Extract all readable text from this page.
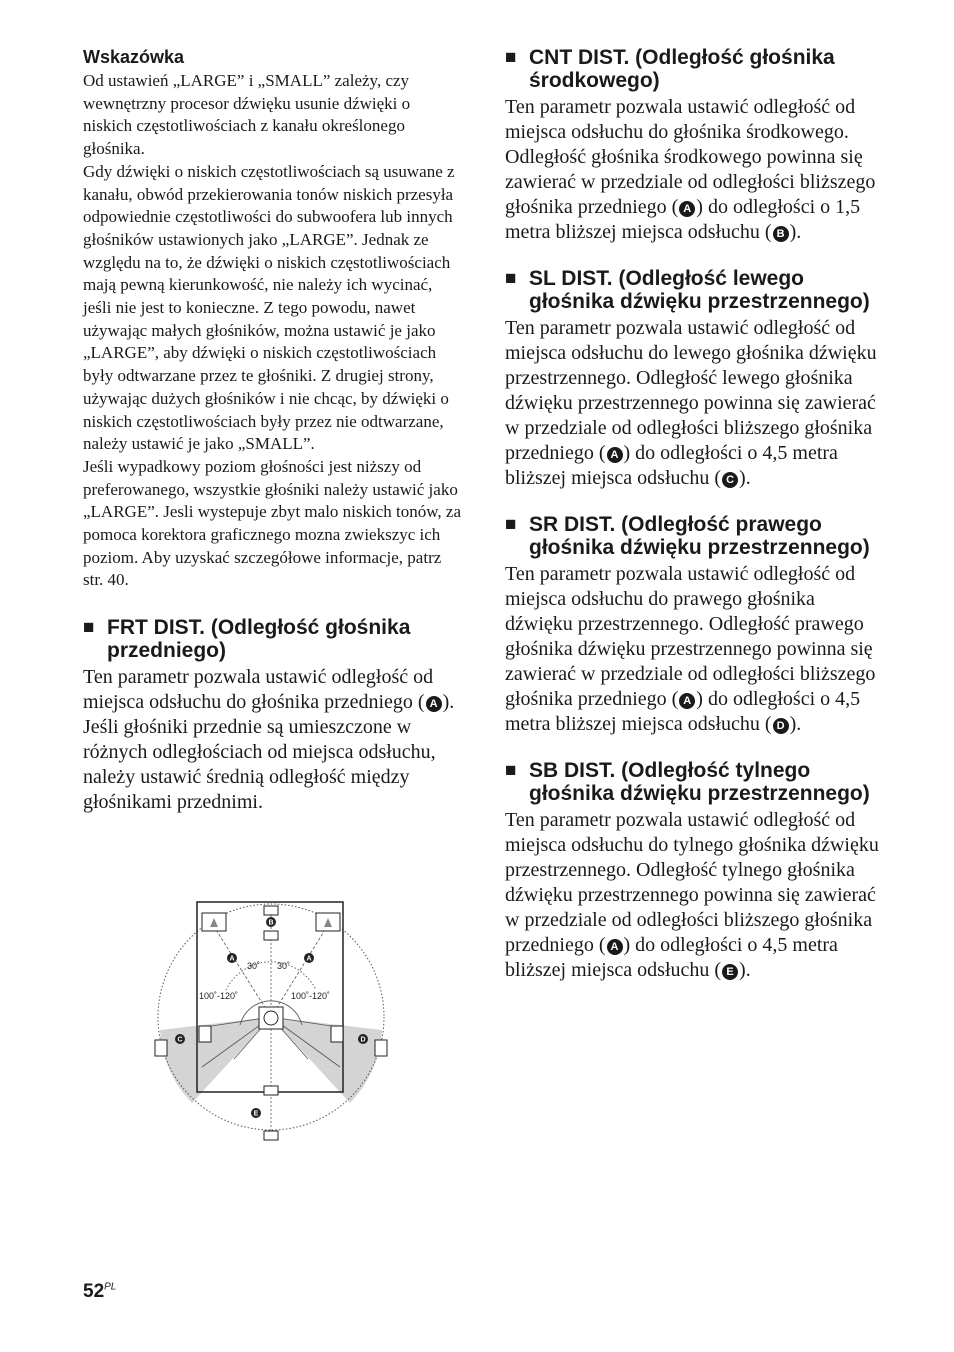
Wskazówka

Od ustawień „LARGE” i „SMALL” zależy, czy wewnętrzny procesor dźwięku usunie dźwięki o niskich częstotliwościach z kanału określonego głośnika.

Gdy dźwięki o niskich częstotliwościach są usuwane z kanału, obwód przekierowania tonów niskich przesyła odpowiednie częstotliwości do subwoofera lub innych głośników ustawionych jako „LARGE”. Jednak ze względu na to, że dźwięki o niskich częstotliwościach mają pewną kierunkowość, nie należy ich wycinać, jeśli nie jest to konieczne. Z tego powodu, nawet używając małych głośników, można ustawić je jako „LARGE”, aby dźwięki o niskich częstotliwościach były odtwarzane przez te głośniki. Z drugiej strony, używając dużych głośników i nie chcąc, by dźwięki o niskich częstotliwościach były przez nie odtwarzane, należy ustawić je jako „SMALL”.

Jeśli wypadkowy poziom głośności jest niższy od preferowanego, wszystkie głośniki należy ustawić jako „LARGE”. Jesli wystepuje zbyt malo niskich tonów, za pomoca korektora graficznego mozna zwiekszyc ich poziom. Aby uzyskać szczegółowe informacje, patrz str. 40.

■ FRT DIST. (Odległość głośnika przedniego)

Ten parametr pozwala ustawić odległość od miejsca odsłuchu do głośnika przedniego ( A ). Jeśli głośniki przednie są umieszczone w różnych odległościach od miejsca odsłuchu, należy ustawić średnią odległość między głośnikami przednimi.

30˚ 30˚
100˚-120˚	100˚-120˚
A	A
B
C	D
E
■ CNT DIST. (Odległość głośnika środkowego)

Ten parametr pozwala ustawić odległość od miejsca odsłuchu do głośnika środkowego. Odległość głośnika środkowego powinna się zawierać w przedziale od odległości bliższego głośnika przedniego ( A ) do odległości o 1,5 metra bliższej miejsca odsłuchu ( B ).

■ SL DIST. (Odległość lewego głośnika dźwięku przestrzennego)

Ten parametr pozwala ustawić odległość od miejsca odsłuchu do lewego głośnika dźwięku przestrzennego. Odległość lewego głośnika dźwięku przestrzennego powinna się zawierać w przedziale od odległości bliższego głośnika przedniego ( A ) do odległości o 4,5 metra bliższej miejsca odsłuchu ( C ).

■ SR DIST. (Odległość prawego głośnika dźwięku przestrzennego)

Ten parametr pozwala ustawić odległość od miejsca odsłuchu do prawego głośnika dźwięku przestrzennego. Odległość prawego głośnika dźwięku przestrzennego powinna się zawierać w przedziale od odległości bliższego głośnika przedniego ( A ) do odległości o 4,5 metra bliższej miejsca odsłuchu ( D ).

■ SB DIST. (Odległość tylnego głośnika dźwięku przestrzennego)

Ten parametr pozwala ustawić odległość od miejsca odsłuchu do tylnego głośnika dźwięku przestrzennego. Odległość tylnego głośnika dźwięku przestrzennego powinna się zawierać w przedziale od odległości bliższego głośnika przedniego ( A ) do odległości o 4,5 metra bliższej miejsca odsłuchu ( E ).

$52^{PL}$
